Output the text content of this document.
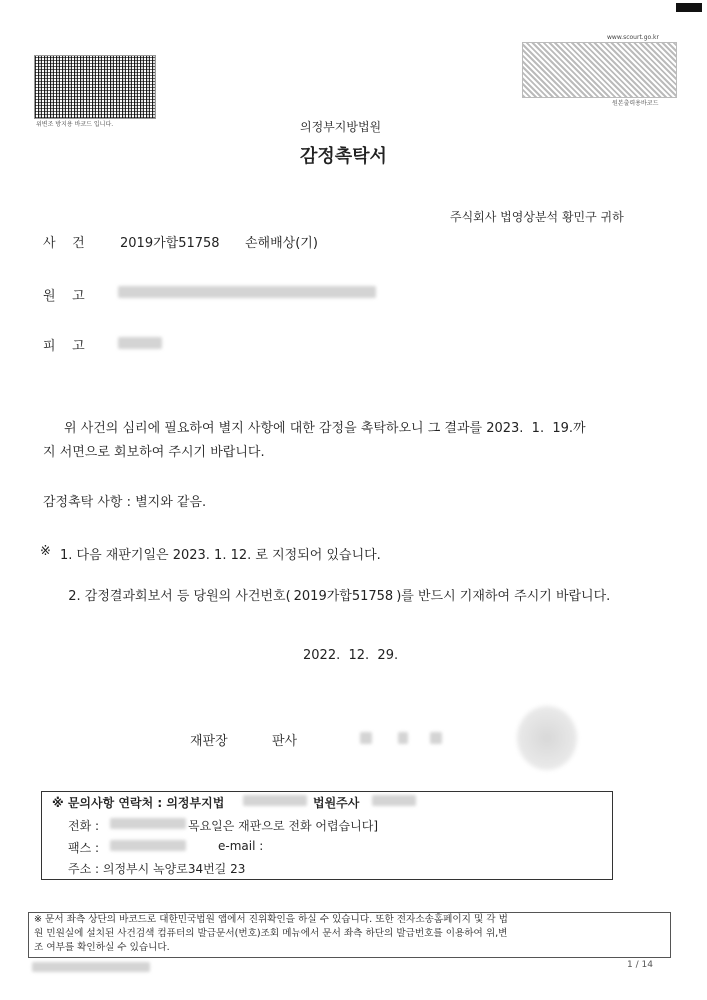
위변조 방지용 바코드 입니다.
www.scourt.go.kr
원본출력용바코드
의정부지방법원
감정촉탁서
주식회사 법영상분석 황민구 귀하
사    건	2019가합51758 손해배상(기)
원    고
피    고
위 사건의 심리에 필요하여 별지 사항에 대한 감정을 촉탁하오니 그 결과를 2023.  1.  19.까
지 서면으로 회보하여 주시기 바랍니다.
감정촉탁 사항 : 별지와 같음.
※ 1. 다음 재판기일은 2023. 1. 12. 로 지정되어 있습니다.

2. 감정결과회보서 등 당원의 사건번호( 2019가합51758 )를 반드시 기재하여 주시기 바랍니다.

2022.  12.  29.
재판장	판사
※ 문의사항 연락처 : 의정부지법	법원주사
전화 :	목요일은 재판으로 전화 어렵습니다]
팩스 :	e-mail :
주소 : 의정부시 녹양로34번길 23
※ 문서 좌측 상단의 바코드로 대한민국법원 앱에서 진위확인을 하실 수 있습니다. 또한 전자소송홈페이지 및 각 법
원 민원실에 설치된 사건검색 컴퓨터의 발급문서(번호)조회 메뉴에서 문서 좌측 하단의 발급번호를 이용하여 위,변
조 여부를 확인하실 수 있습니다.
1 / 14
